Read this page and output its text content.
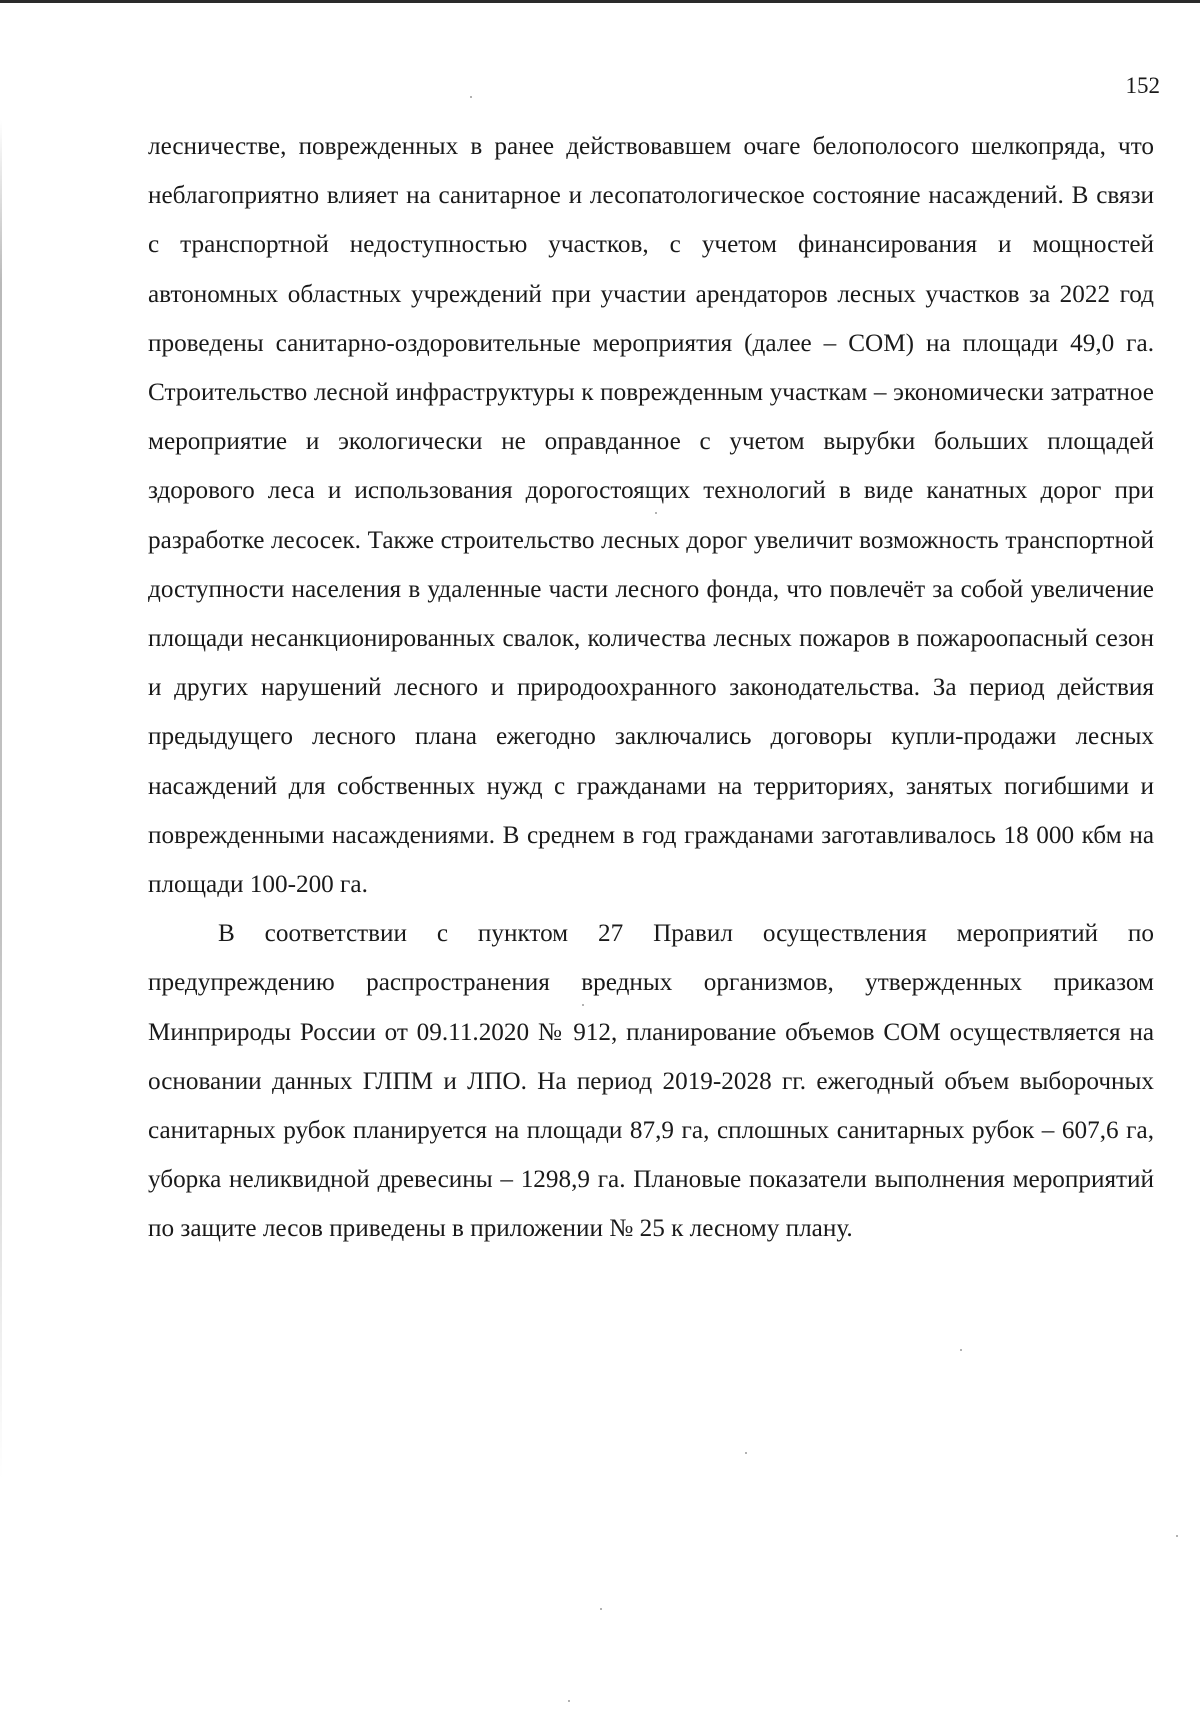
152

лесничестве, поврежденных в ранее действовавшем очаге белополосого шелкопряда, что неблагоприятно влияет на санитарное и лесопатологическое состояние насаждений. В связи с транспортной недоступностью участков, с учетом финансирования и мощностей автономных областных учреждений при участии арендаторов лесных участков за 2022 год проведены санитарно-оздоровительные мероприятия (далее – СОМ) на площади 49,0 га. Строительство лесной инфраструктуры к поврежденным участкам – экономически затратное мероприятие и экологически не оправданное с учетом вырубки больших площадей здорового леса и использования дорогостоящих технологий в виде канатных дорог при разработке лесосек. Также строительство лесных дорог увеличит возможность транспортной доступности населения в удаленные части лесного фонда, что повлечёт за собой увеличение площади несанкционированных свалок, количества лесных пожаров в пожароопасный сезон и других нарушений лесного и природоохранного законодательства. За период действия предыдущего лесного плана ежегодно заключались договоры купли-продажи лесных насаждений для собственных нужд с гражданами на территориях, занятых погибшими и поврежденными насаждениями. В среднем в год гражданами заготавливалось 18 000 кбм на площади 100-200 га.

В соответствии с пунктом 27 Правил осуществления мероприятий по предупреждению распространения вредных организмов, утвержденных приказом Минприроды России от 09.11.2020 № 912, планирование объемов СОМ осуществляется на основании данных ГЛПМ и ЛПО. На период 2019-2028 гг. ежегодный объем выборочных санитарных рубок планируется на площади 87,9 га, сплошных санитарных рубок – 607,6 га, уборка неликвидной древесины – 1298,9 га. Плановые показатели выполнения мероприятий по защите лесов приведены в приложении № 25 к лесному плану.
